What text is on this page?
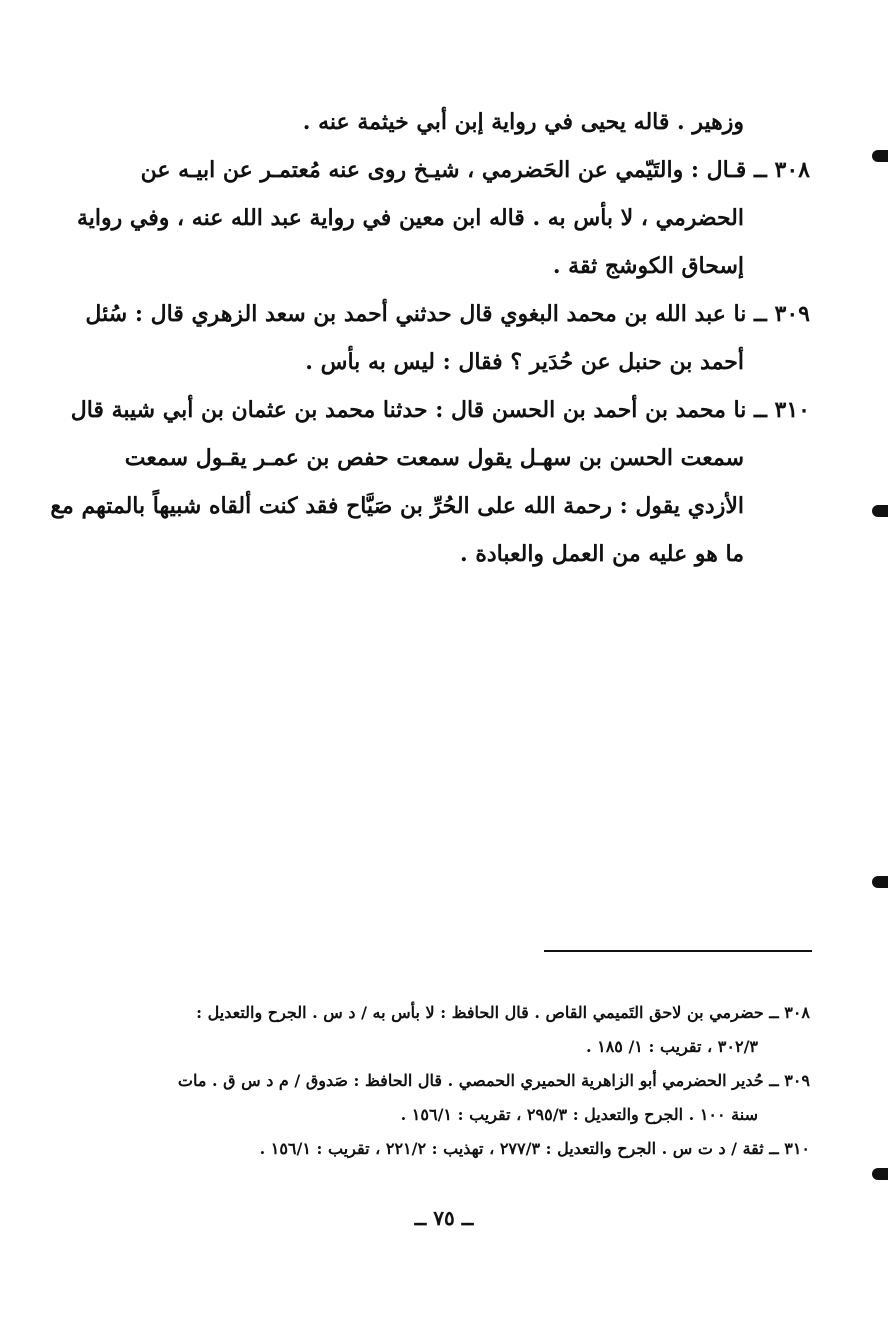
وزهير . قاله يحيى في رواية إبن أبي خيثمة عنه .
٣٠٨ ــ قـال : والتَيّمي عن الحَضرمي ، شيـخ روى عنه مُعتمـر عن ابيـه عن
الحضرمي ، لا بأس به . قاله ابن معين في رواية عبد الله عنه ، وفي رواية
إسحاق الكوشج ثقة .
٣٠٩ ــ نا عبد الله بن محمد البغوي قال حدثني أحمد بن سعد الزهري قال : سُئل
أحمد بن حنبل عن حُدَير ؟ فقال : ليس به بأس .
٣١٠ ــ نا محمد بن أحمد بن الحسن قال : حدثنا محمد بن عثمان بن أبي شيبة قال
سمعت الحسن بن سهـل يقول سمعت حفص بن عمـر يقـول سمعت
الأزدي يقول : رحمة الله على الحُرِّ بن صَيَّاح فقد كنت ألقاه شبيهاً بالمتهم مع
ما هو عليه من العمل والعبادة .
٣٠٨ ــ حضرمي بن لاحق التَميمي القاص . قال الحافظ : لا بأس به / د س . الجرح والتعديل :
٣٠٢/٣ ، تقريب : ١/ ١٨٥ .
٣٠٩ ــ حُدير الحضرمي أبو الزاهرية الحميري الحمصي . قال الحافظ : صَدوق / م د س ق . مات
سنة ١٠٠ . الجرح والتعديل : ٢٩٥/٣ ، تقريب : ١٥٦/١ .
٣١٠ ــ ثقة / د ت س . الجرح والتعديل : ٢٧٧/٣ ، تهذيب : ٢٢١/٢ ، تقريب : ١٥٦/١ .
ــ ٧٥ ــ
